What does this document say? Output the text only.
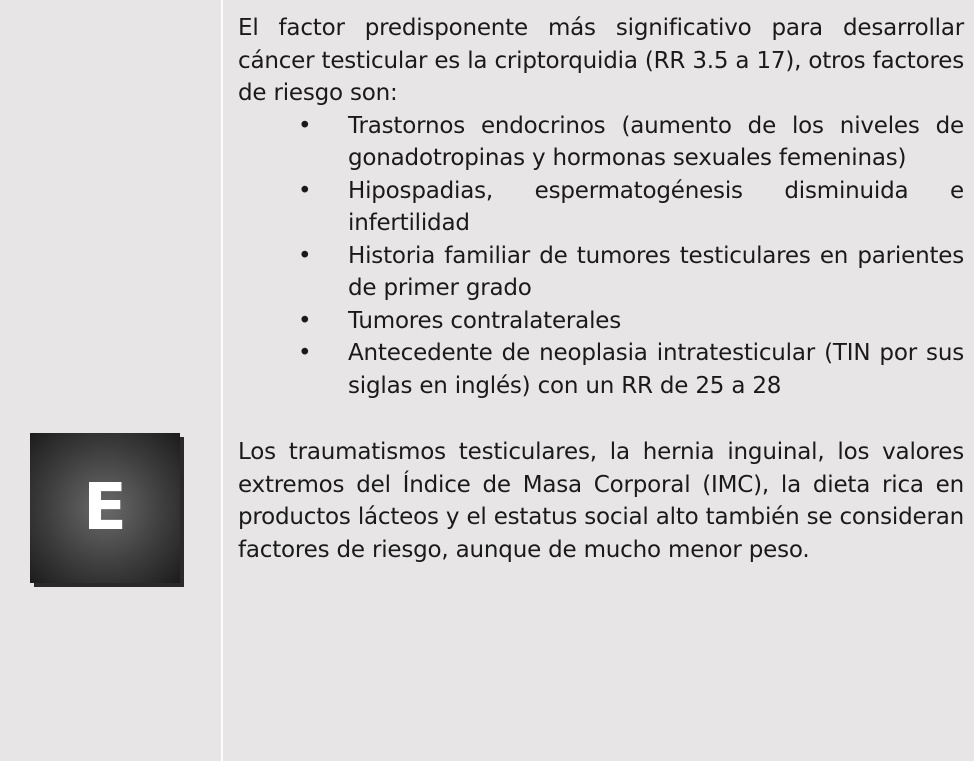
E

El factor predisponente más significativo para desarrollar cáncer testicular es la criptorquidia (RR 3.5 a 17), otros factores de riesgo son:

• Trastornos endocrinos (aumento de los niveles de gonadotropinas y hormonas sexuales femeninas)
• Hipospadias, espermatogénesis disminuida e infertilidad
• Historia familiar de tumores testiculares en parientes de primer grado
• Tumores contralaterales
• Antecedente de neoplasia intratesticular (TIN por sus siglas en inglés) con un RR de 25 a 28

Los traumatismos testiculares, la hernia inguinal, los valores extremos del Índice de Masa Corporal (IMC), la dieta rica en productos lácteos y el estatus social alto también se consideran factores de riesgo, aunque de mucho menor peso.
